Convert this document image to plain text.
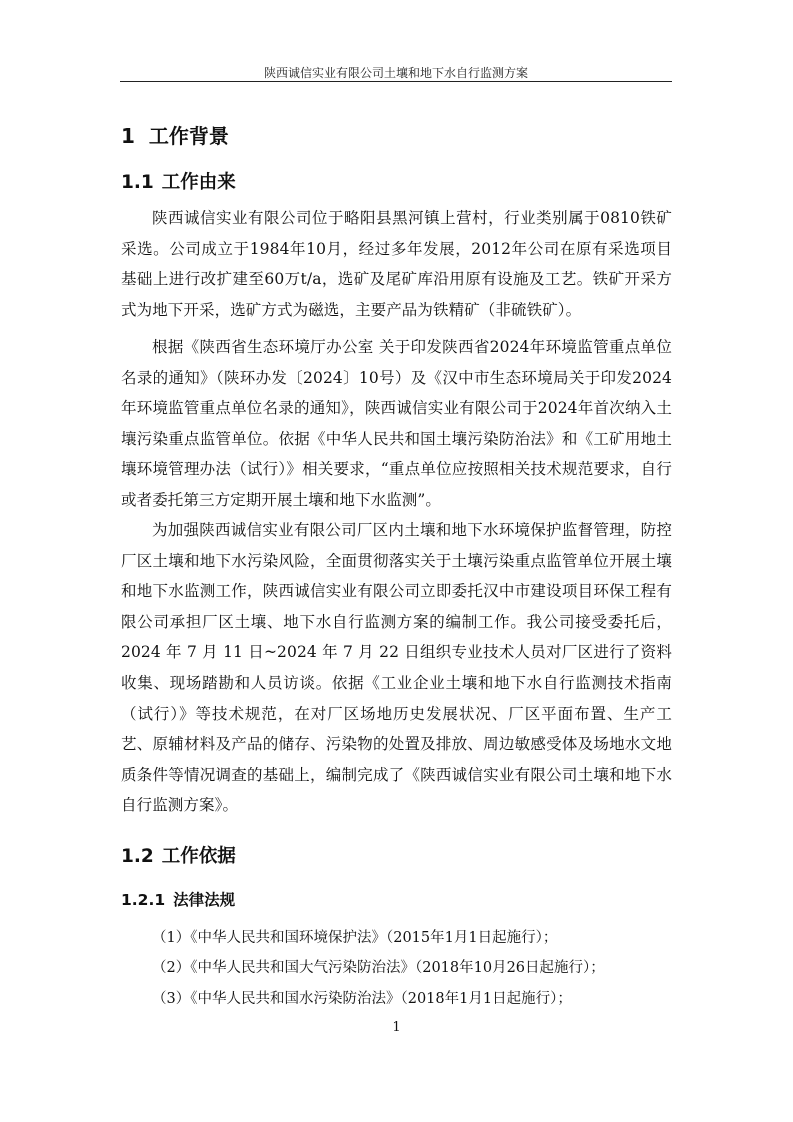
陕西诚信实业有限公司土壤和地下水自行监测方案
1 工作背景
1.1 工作由来

陕西诚信实业有限公司位于略阳县黑河镇上营村，行业类别属于0810铁矿采选。公司成立于1984年10月，经过多年发展，2012年公司在原有采选项目基础上进行改扩建至60万t/a，选矿及尾矿库沿用原有设施及工艺。铁矿开采方式为地下开采，选矿方式为磁选，主要产品为铁精矿（非硫铁矿）。

根据《陕西省生态环境厅办公室 关于印发陕西省2024年环境监管重点单位名录的通知》（陕环办发〔2024〕10号）及《汉中市生态环境局关于印发2024年环境监管重点单位名录的通知》，陕西诚信实业有限公司于2024年首次纳入土壤污染重点监管单位。依据《中华人民共和国土壤污染防治法》和《工矿用地土壤环境管理办法（试行）》相关要求，“重点单位应按照相关技术规范要求，自行或者委托第三方定期开展土壤和地下水监测”。

为加强陕西诚信实业有限公司厂区内土壤和地下水环境保护监督管理，防控厂区土壤和地下水污染风险，全面贯彻落实关于土壤污染重点监管单位开展土壤和地下水监测工作，陕西诚信实业有限公司立即委托汉中市建设项目环保工程有限公司承担厂区土壤、地下水自行监测方案的编制工作。我公司接受委托后，2024 年 7 月 11 日~2024 年 7 月 22 日组织专业技术人员对厂区进行了资料收集、现场踏勘和人员访谈。依据《工业企业土壤和地下水自行监测技术指南（试行）》等技术规范，在对厂区场地历史发展状况、厂区平面布置、生产工艺、原辅材料及产品的储存、污染物的处置及排放、周边敏感受体及场地水文地质条件等情况调查的基础上，编制完成了《陕西诚信实业有限公司土壤和地下水自行监测方案》。

1.2 工作依据
1.2.1 法律法规

（1）《中华人民共和国环境保护法》（2015年1月1日起施行）；

（2）《中华人民共和国大气污染防治法》（2018年10月26日起施行）；

（3）《中华人民共和国水污染防治法》（2018年1月1日起施行）；

1
